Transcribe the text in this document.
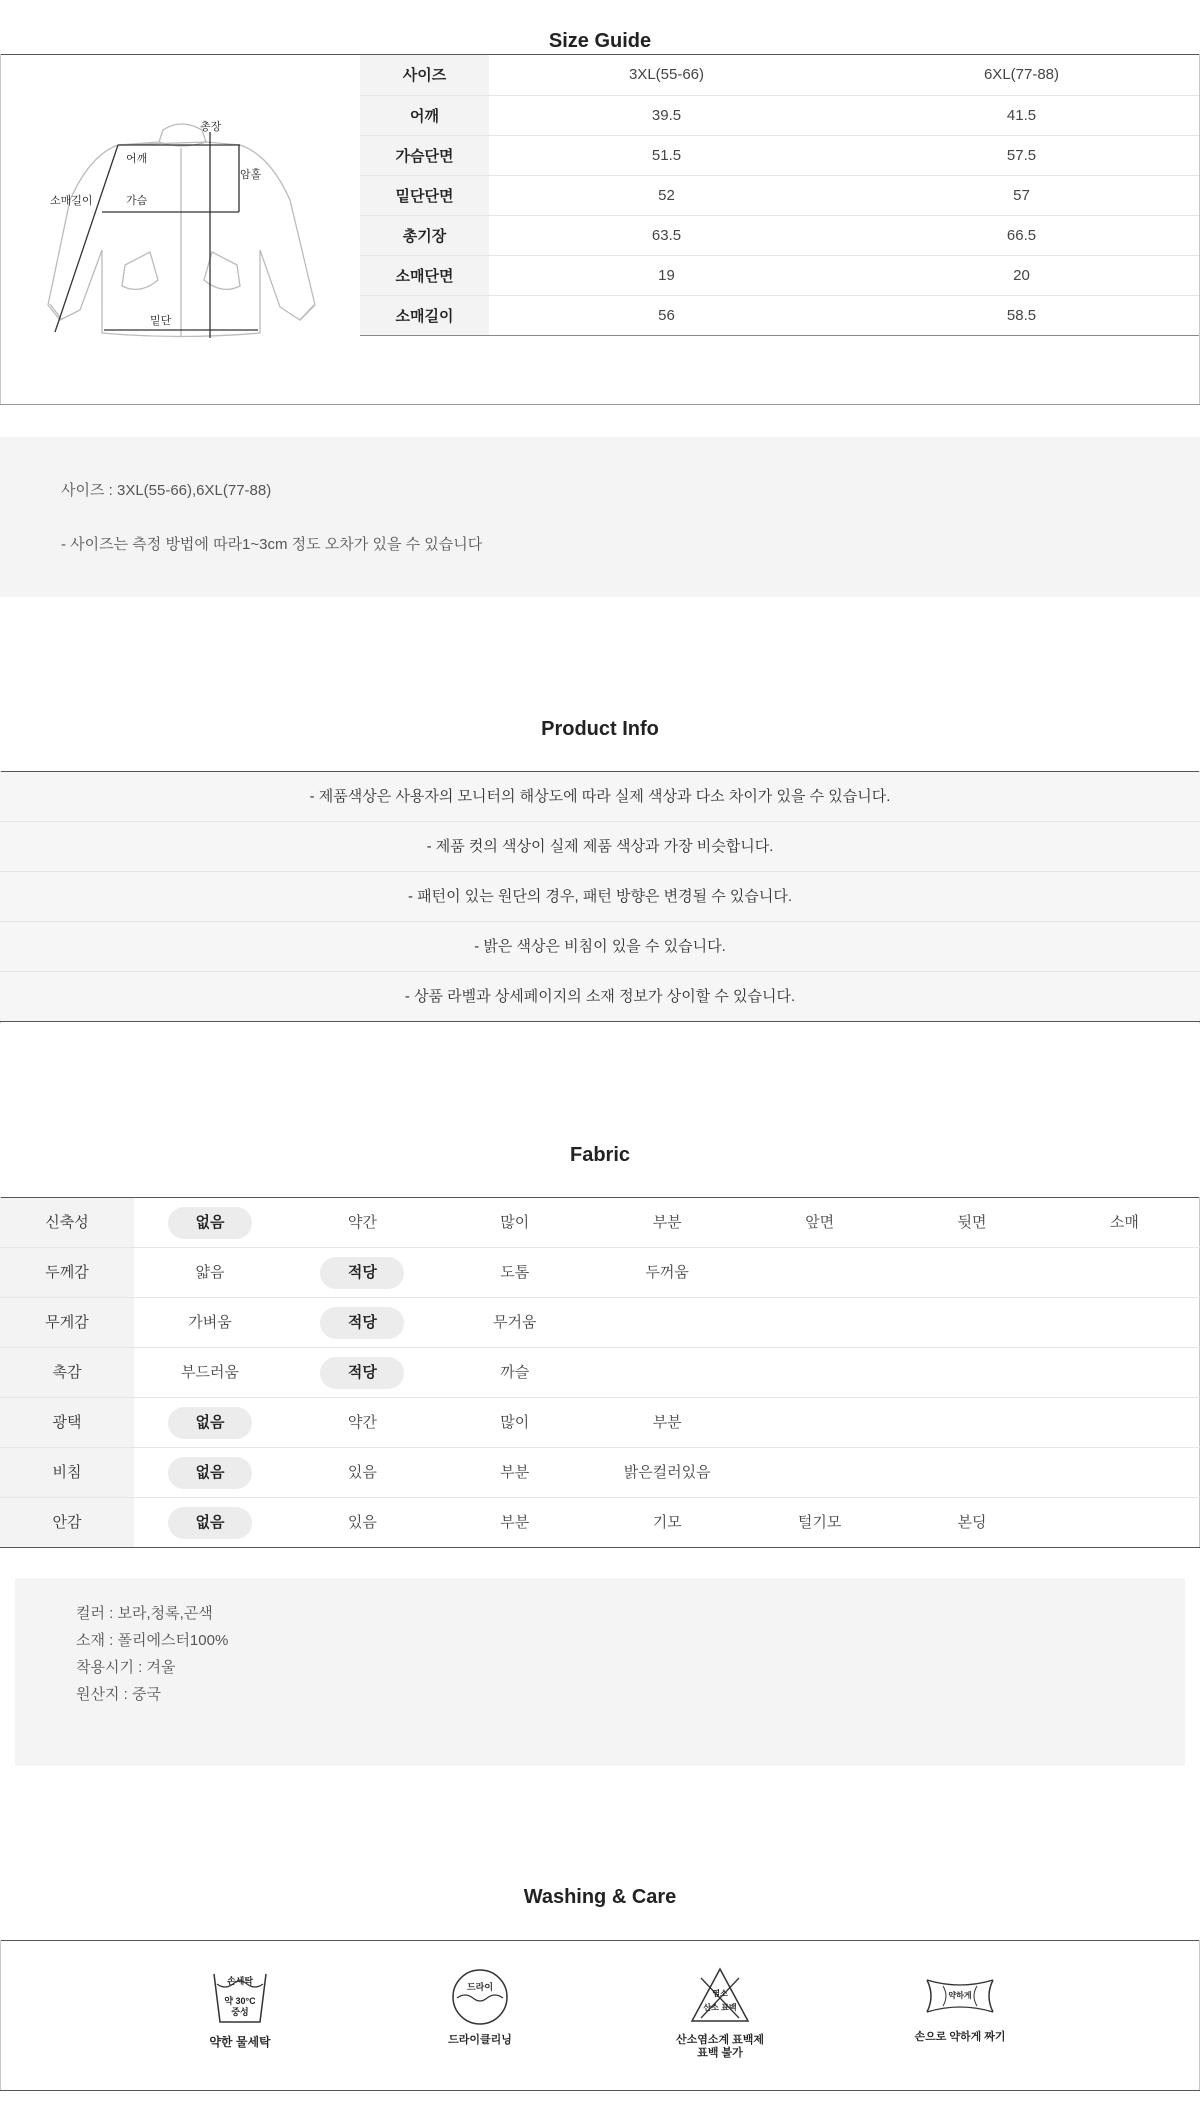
Size Guide
총장
어깨
암홀
소매길이	가슴
밑단
사이즈	3XL(55-66)	6XL(77-88)
어깨	39.5	41.5
가슴단면	51.5	57.5
밑단단면	52	57
총기장	63.5	66.5
소매단면	19	20
소매길이	56	58.5
사이즈 : 3XL(55-66),6XL(77-88)
- 사이즈는 측정 방법에 따라1~3cm 정도 오차가 있을 수 있습니다
Product Info
- 제품색상은 사용자의 모니터의 해상도에 따라 실제 색상과 다소 차이가 있을 수 있습니다.
- 제품 컷의 색상이 실제 제품 색상과 가장 비슷합니다.
- 패턴이 있는 원단의 경우, 패턴 방향은 변경될 수 있습니다.
- 밝은 색상은 비침이 있을 수 있습니다.
- 상품 라벨과 상세페이지의 소재 정보가 상이할 수 있습니다.
Fabric
신축성	없음	약간	많이	부분	앞면	뒷면	소매
두께감	얇음	적당	도톰	두꺼움
무게감	가벼움	적당	무거움
촉감	부드러움	적당	까슬
광택	없음	약간	많이	부분
비침	없음	있음	부분	밝은컬러있음
안감	없음	있음	부분	기모	털기모	본딩
컬러 : 보라,청록,곤색
소재 : 폴리에스터100%
착용시기 : 겨울
원산지 : 중국
Washing & Care
손세탁
약 30°C
중성
약한 물세탁
드라이
드라이클리닝
염소
산소 표백
산소염소계 표백제
표백 불가
약하게
손으로 약하게 짜기
